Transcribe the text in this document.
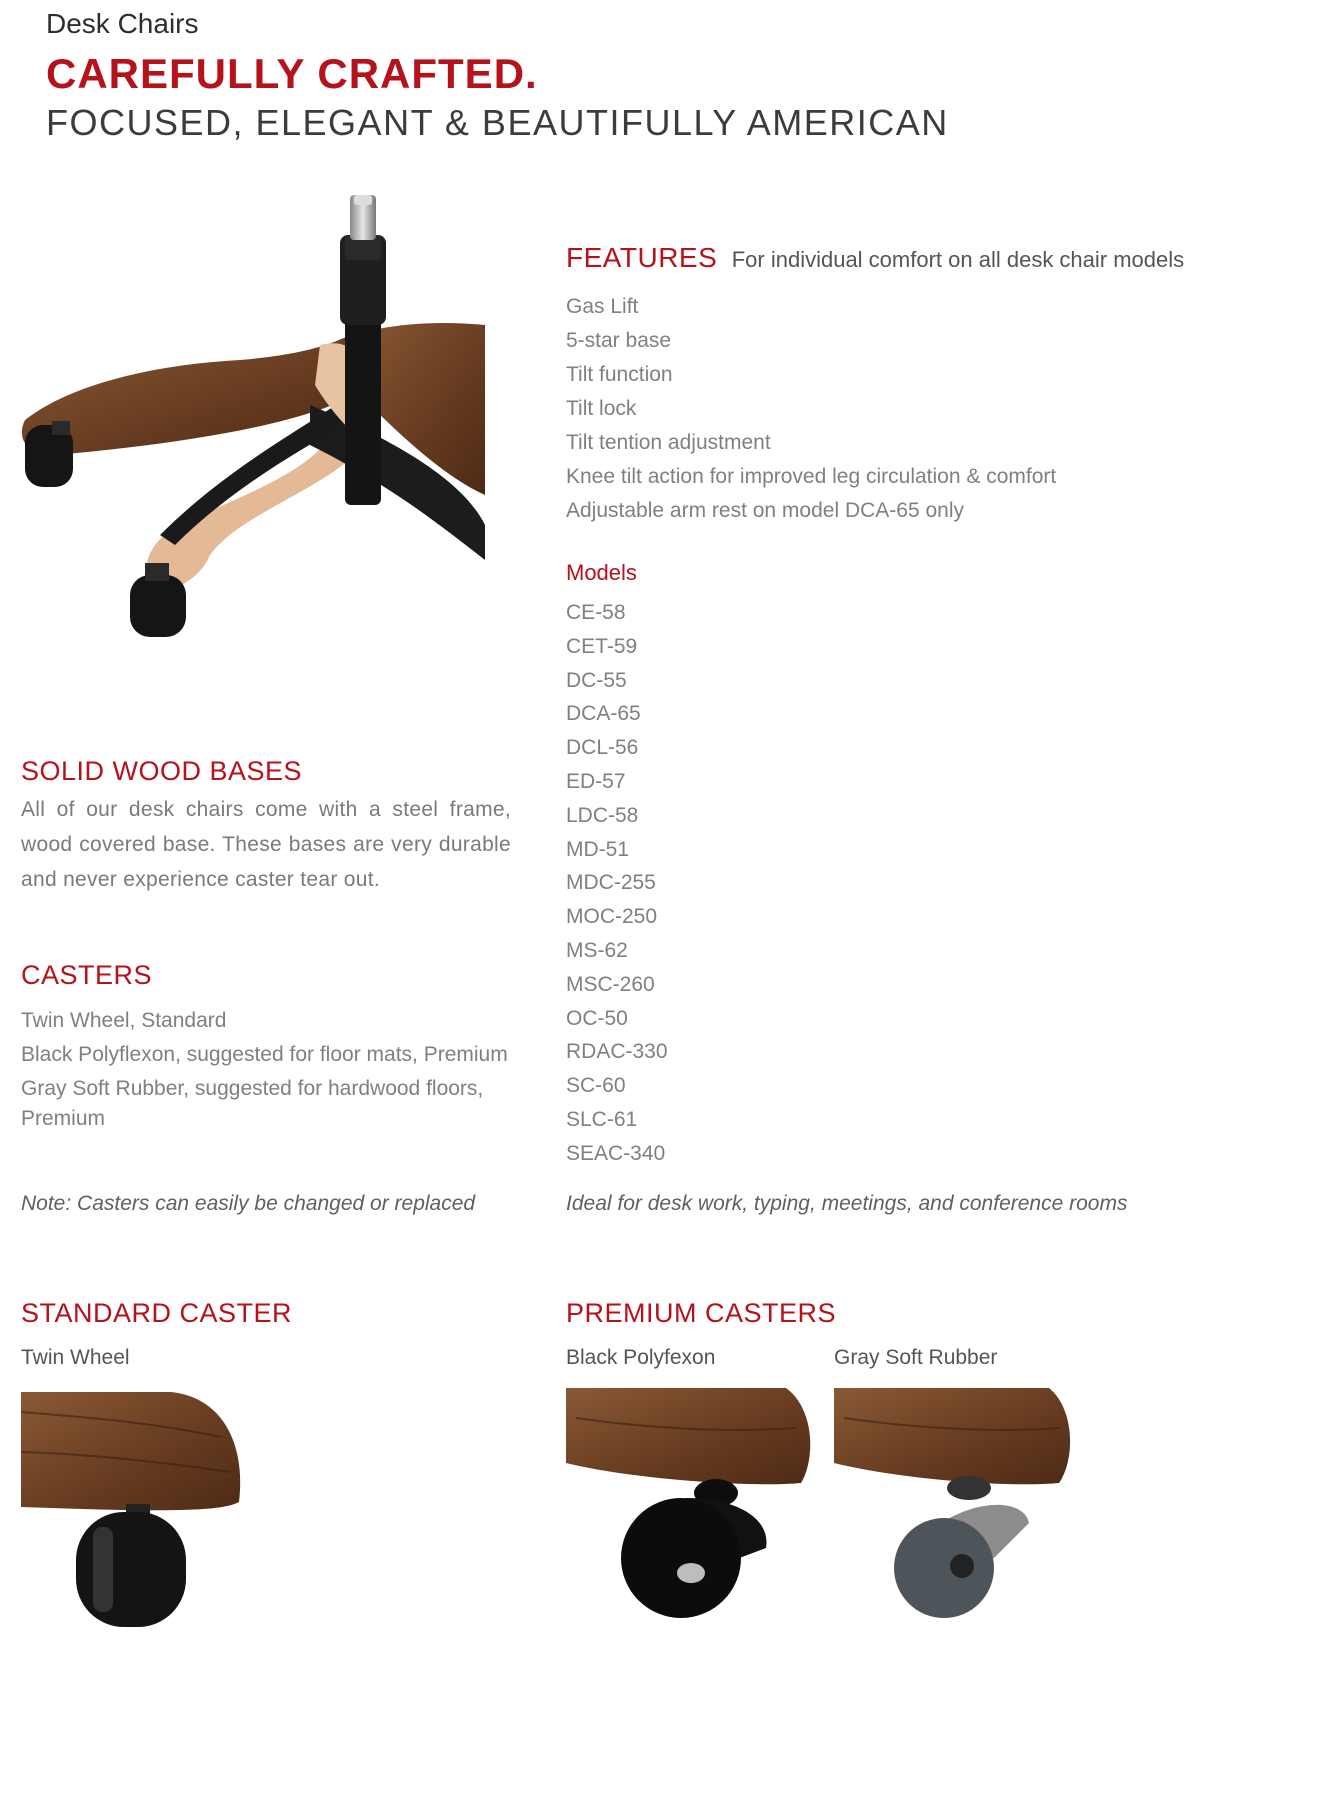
Desk Chairs
CAREFULLY CRAFTED.
FOCUSED, ELEGANT & BEAUTIFULLY AMERICAN
FEATURES For individual comfort on all desk chair models
Gas Lift
5-star base
Tilt function
Tilt lock
Tilt tention adjustment
Knee tilt action for improved leg circulation & comfort
Adjustable arm rest on model DCA-65 only
Models
CE-58
CET-59
DC-55
DCA-65
DCL-56
ED-57
LDC-58
MD-51
MDC-255
MOC-250
MS-62
MSC-260
OC-50
RDAC-330
SC-60
SLC-61
SEAC-340
SOLID WOOD BASES
All of our desk chairs come with a steel frame, wood covered base. These bases are very durable and never experience caster tear out.
CASTERS
Twin Wheel, Standard
Black Polyflexon, suggested for floor mats, Premium
Gray Soft Rubber, suggested for hardwood floors, Premium
Note: Casters can easily be changed or replaced	Ideal for desk work, typing, meetings, and conference rooms
STANDARD CASTER
Twin Wheel
PREMIUM CASTERS
Black Polyfexon	Gray Soft Rubber
